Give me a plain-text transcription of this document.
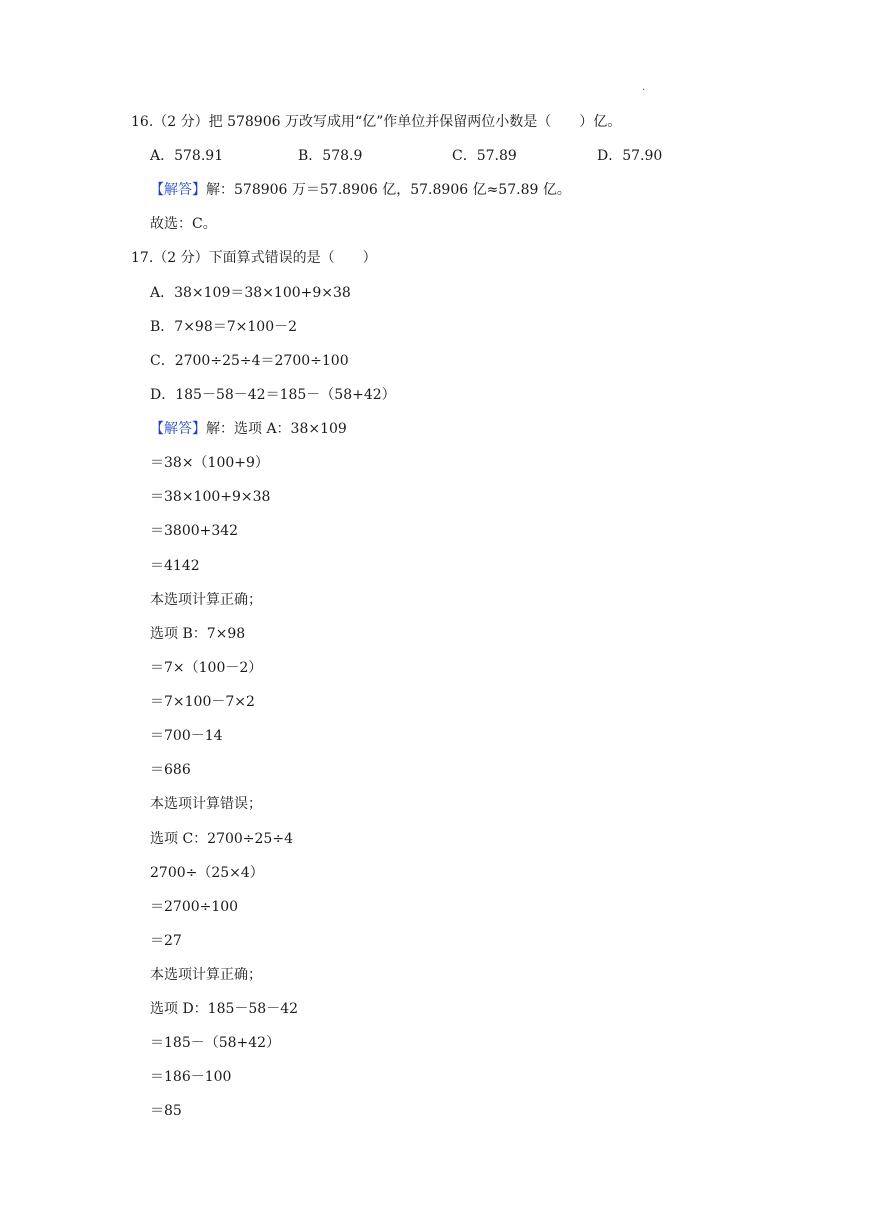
.
16.（2 分）把 578906 万改写成用“亿”作单位并保留两位小数是（　　）亿。
A．578.91	B．578.9	C．57.89	D．57.90
【解答】解：578906 万＝57.8906 亿，57.8906 亿≈57.89 亿。
故选：C。
17.（2 分）下面算式错误的是（　　）
A．38×109＝38×100+9×38
B．7×98＝7×100－2
C．2700÷25÷4＝2700÷100
D．185－58－42＝185－（58+42）
【解答】解：选项 A：38×109
＝38×（100+9）
＝38×100+9×38
＝3800+342
＝4142
本选项计算正确；
选项 B：7×98
＝7×（100－2）
＝7×100－7×2
＝700－14
＝686
本选项计算错误；
选项 C：2700÷25÷4
2700÷（25×4）
＝2700÷100
＝27
本选项计算正确；
选项 D：185－58－42
＝185－（58+42）
＝186－100
＝85
